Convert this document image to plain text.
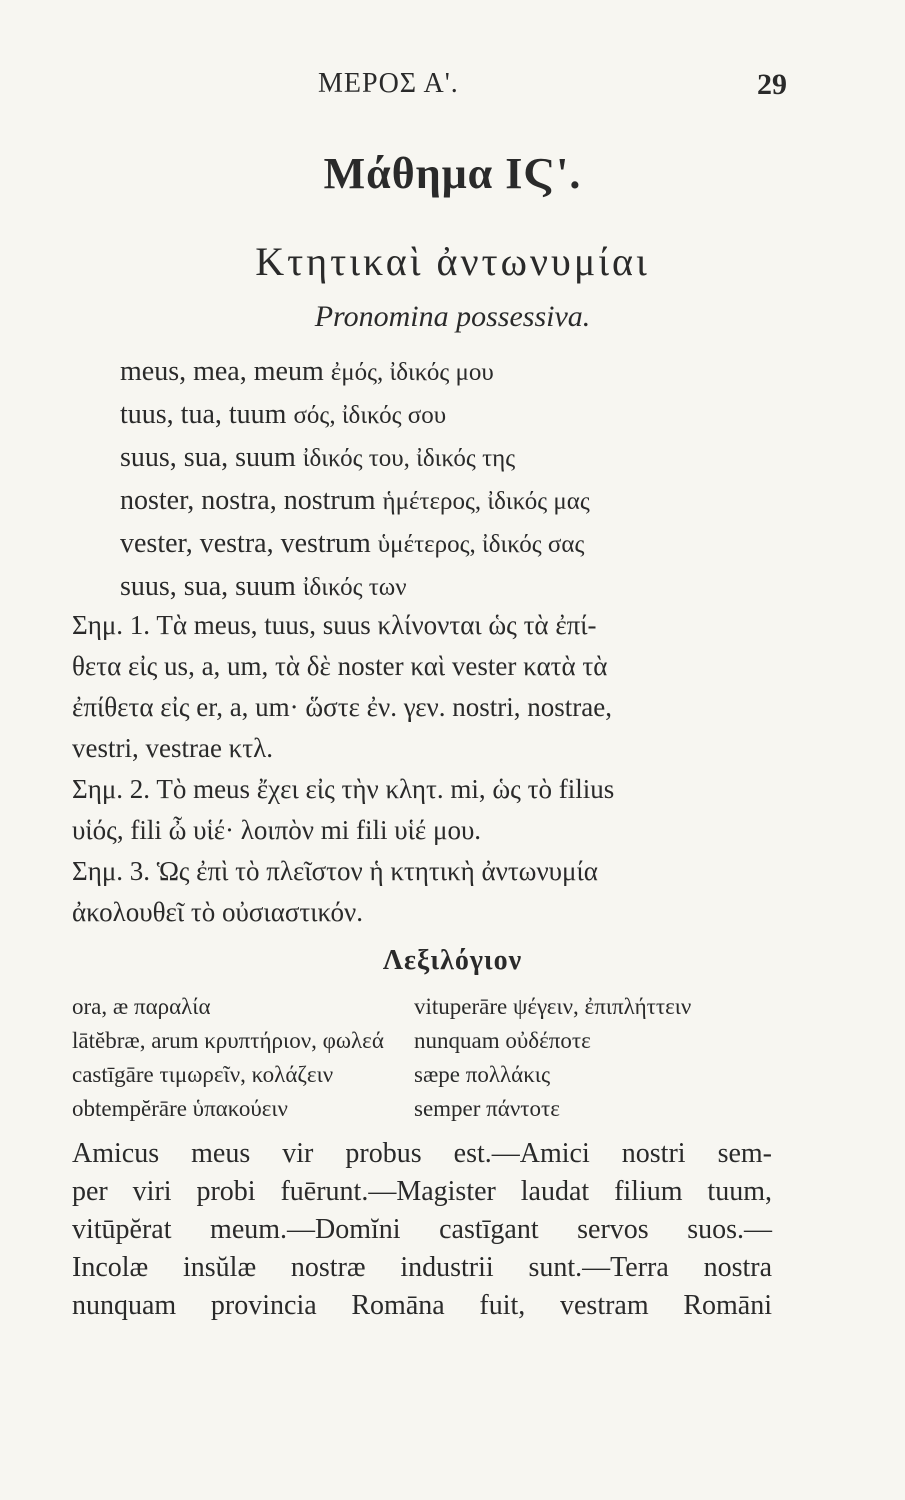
ΜΕΡΟΣ Α'.	29
Μάθημα ΙϚ'.
Κτητικαὶ ἀντωνυμίαι
Pronomina possessiva.
meus, mea, meum ἐμός, ἰδικός μου
tuus, tua, tuum σός, ἰδικός σου
suus, sua, suum ἰδικός του, ἰδικός της
noster, nostra, nostrum ἡμέτερος, ἰδικός μας
vester, vestra, vestrum ὑμέτερος, ἰδικός σας
suus, sua, suum ἰδικός των
Σημ. 1. Τὰ meus, tuus, suus κλίνονται ὡς τὰ ἐπί-
θετα εἰς us, a, um, τὰ δὲ noster καὶ vester κατὰ τὰ
ἐπίθετα εἰς er, a, um· ὥστε ἐν. γεν. nostri, nostrae,
vestri, vestrae κτλ.
Σημ. 2. Τὸ meus ἔχει εἰς τὴν κλητ. mi, ὡς τὸ filius
υἱός, fili ὦ υἱέ· λοιπὸν mi fili υἱέ μου.
Σημ. 3. Ὡς ἐπὶ τὸ πλεῖστον ἡ κτητικὴ ἀντωνυμία
ἀκολουθεῖ τὸ οὐσιαστικόν.
Λεξιλόγιον
ora, æ παραλία	vituperāre ψέγειν, ἐπιπλήττειν
lātĕbræ, arum κρυπτήριον, φωλεά nunquam οὐδέποτε
castīgāre τιμωρεῖν, κολάζειν	sæpe πολλάκις
obtempĕrāre ὑπακούειν	semper πάντοτε
Amicus meus vir probus est.—Amici nostri sem-
per viri probi fuērunt.—Magister laudat filium tuum,
vitūpĕrat meum.—Domĭni castīgant servos suos.—
Incolæ insŭlæ nostræ industrii sunt.—Terra nostra
nunquam provincia Romāna fuit, vestram Romāni
